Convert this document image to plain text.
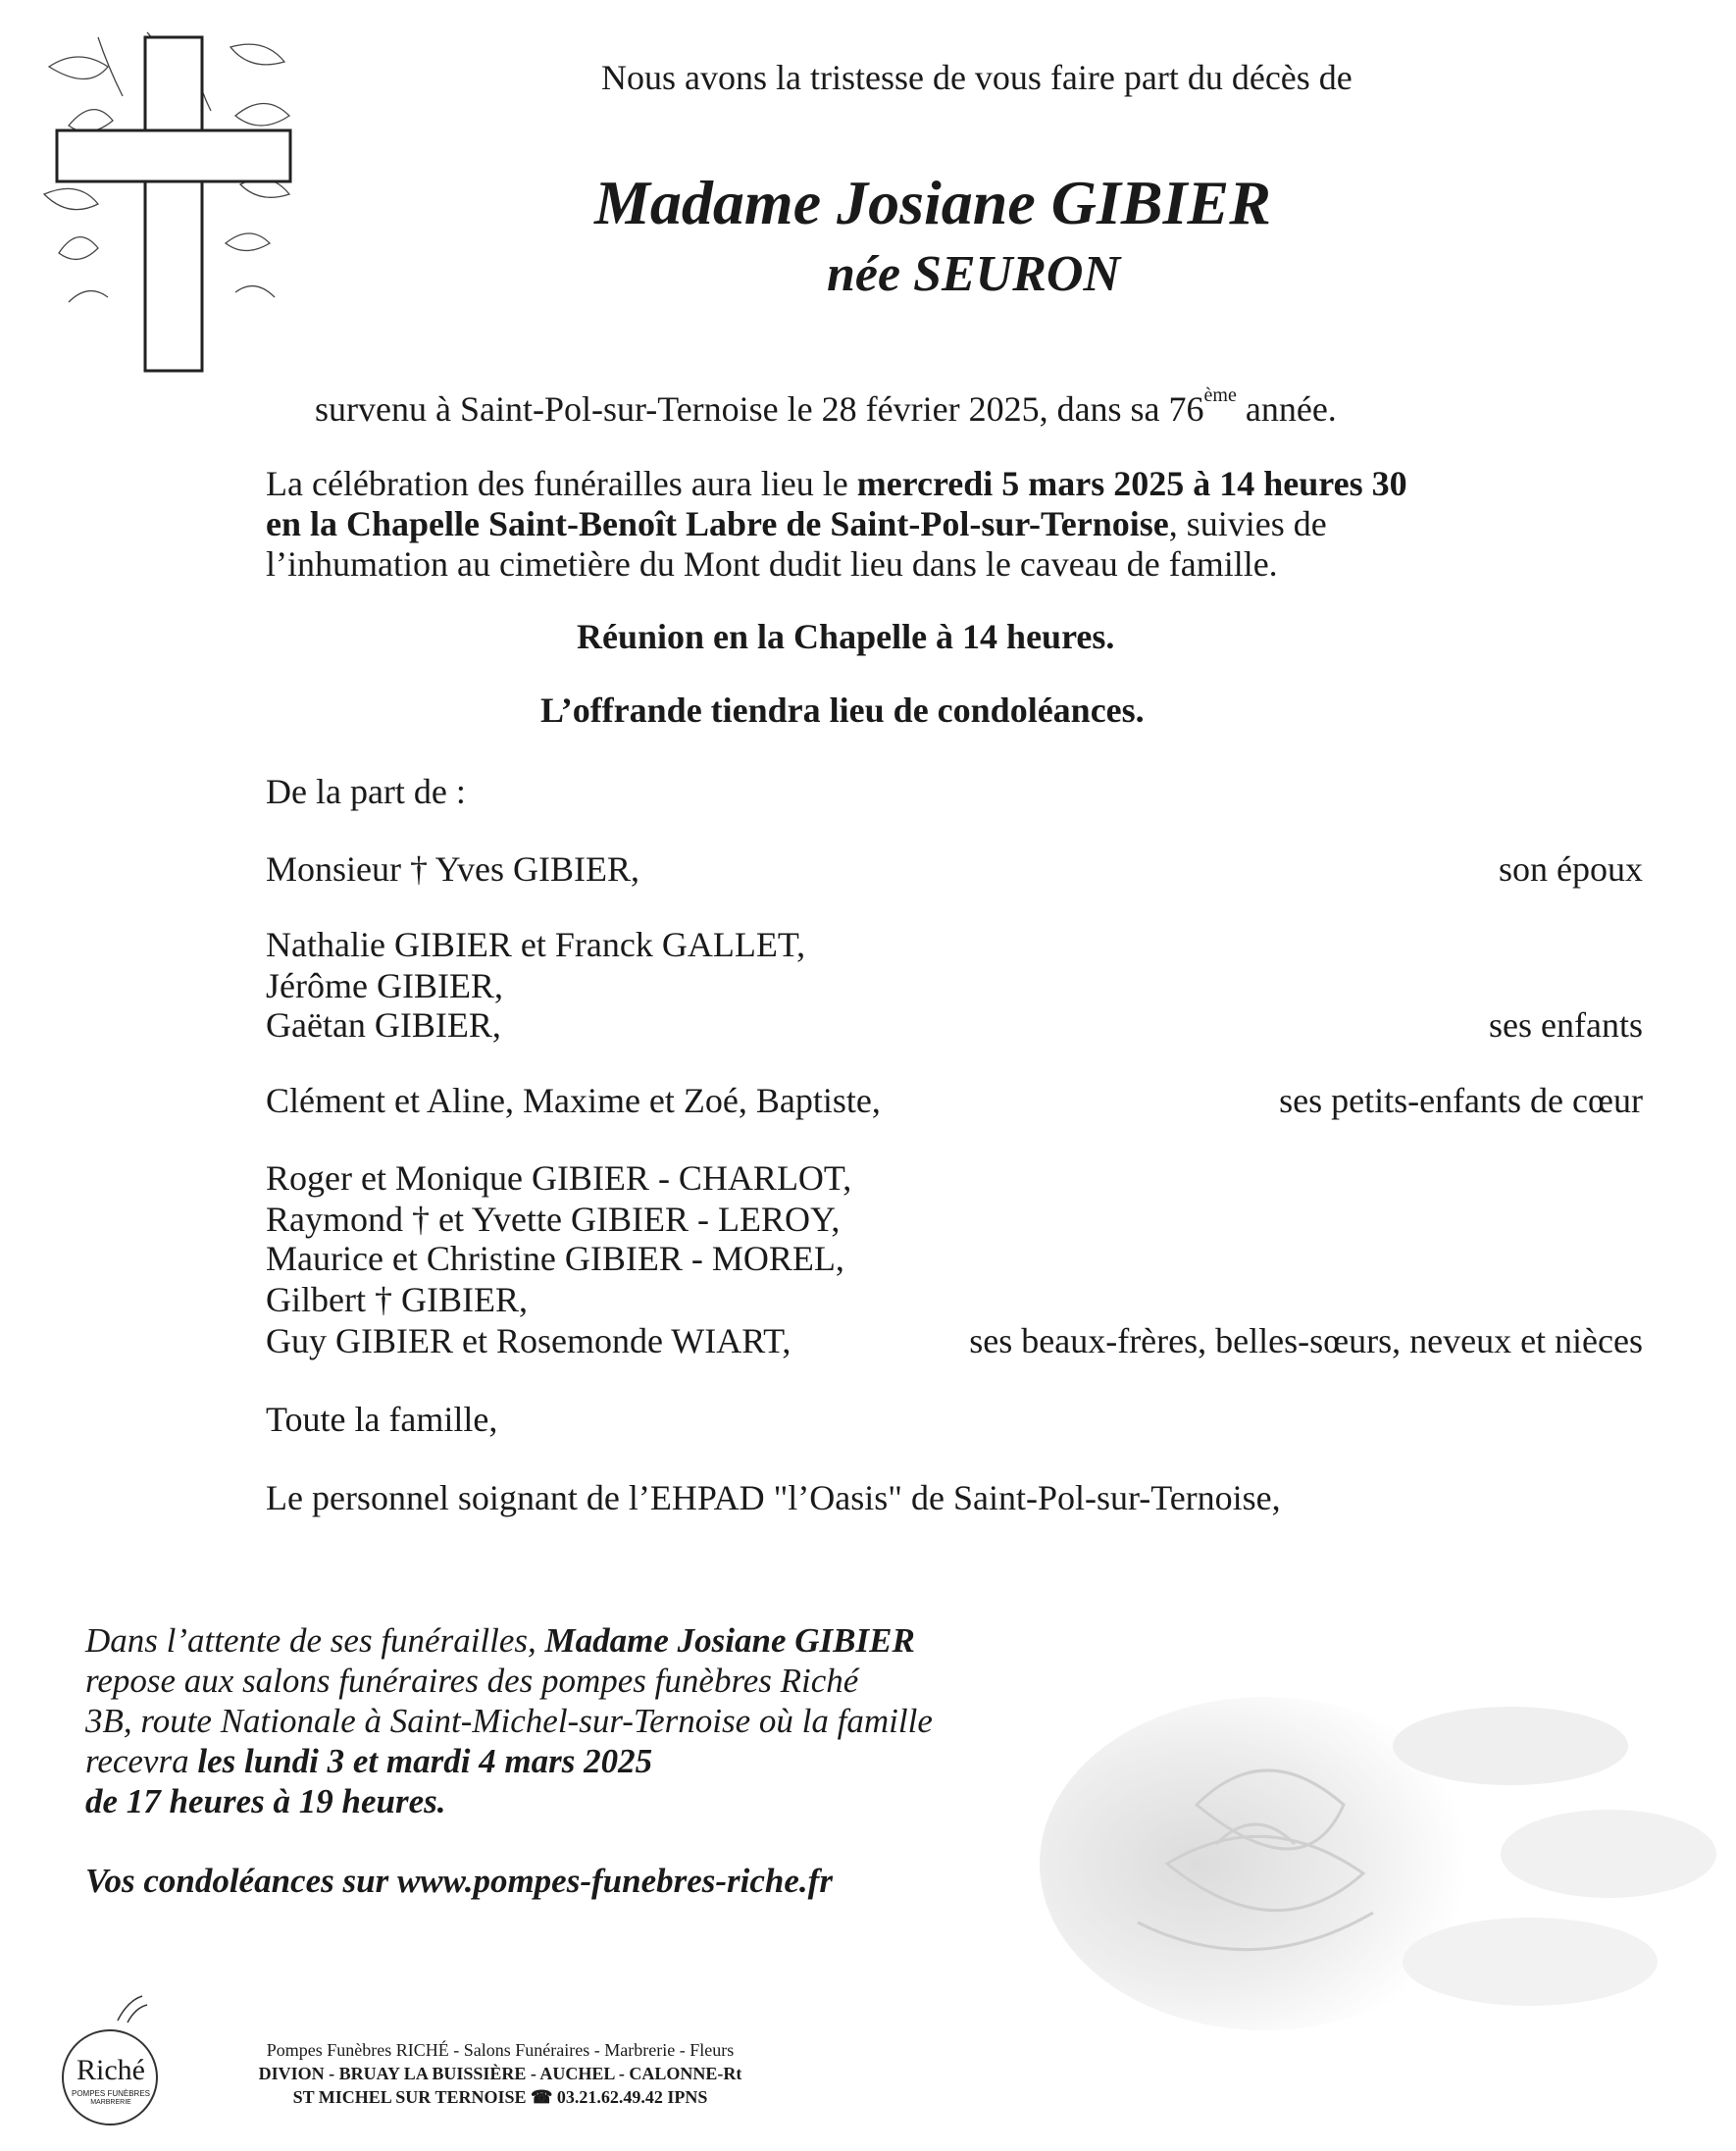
Nous avons la tristesse de vous faire part du décès de
Madame Josiane GIBIER
née SEURON
survenu à Saint-Pol-sur-Ternoise le 28 février 2025, dans sa 76ème année.
La célébration des funérailles aura lieu le mercredi 5 mars 2025 à 14 heures 30
en la Chapelle Saint-Benoît Labre de Saint-Pol-sur-Ternoise, suivies de
l’inhumation au cimetière du Mont dudit lieu dans le caveau de famille.
Réunion en la Chapelle à 14 heures.
L’offrande tiendra lieu de condoléances.
De la part de :
Monsieur † Yves GIBIER,	son époux
Nathalie GIBIER et Franck GALLET,
Jérôme GIBIER,
Gaëtan GIBIER,	ses enfants
Clément et Aline, Maxime et Zoé, Baptiste,	ses petits-enfants de cœur
Roger et Monique GIBIER - CHARLOT,
Raymond † et Yvette GIBIER - LEROY,
Maurice et Christine GIBIER - MOREL,
Gilbert † GIBIER,
Guy GIBIER et Rosemonde WIART,	ses beaux-frères, belles-sœurs, neveux et nièces
Toute la famille,
Le personnel soignant de l’EHPAD "l’Oasis" de Saint-Pol-sur-Ternoise,
Dans l’attente de ses funérailles, Madame Josiane GIBIER
repose aux salons funéraires des pompes funèbres Riché
3B, route Nationale à Saint-Michel-sur-Ternoise où la famille
recevra les lundi 3 et mardi 4 mars 2025
de 17 heures à 19 heures.
Vos condoléances sur www.pompes-funebres-riche.fr
Riché
POMPES FUNÈBRES
MARBRERIE
Pompes Funèbres RICHÉ - Salons Funéraires - Marbrerie - Fleurs
DIVION - BRUAY LA BUISSIÈRE - AUCHEL - CALONNE-Rt
ST MICHEL SUR TERNOISE ☎ 03.21.62.49.42 IPNS
